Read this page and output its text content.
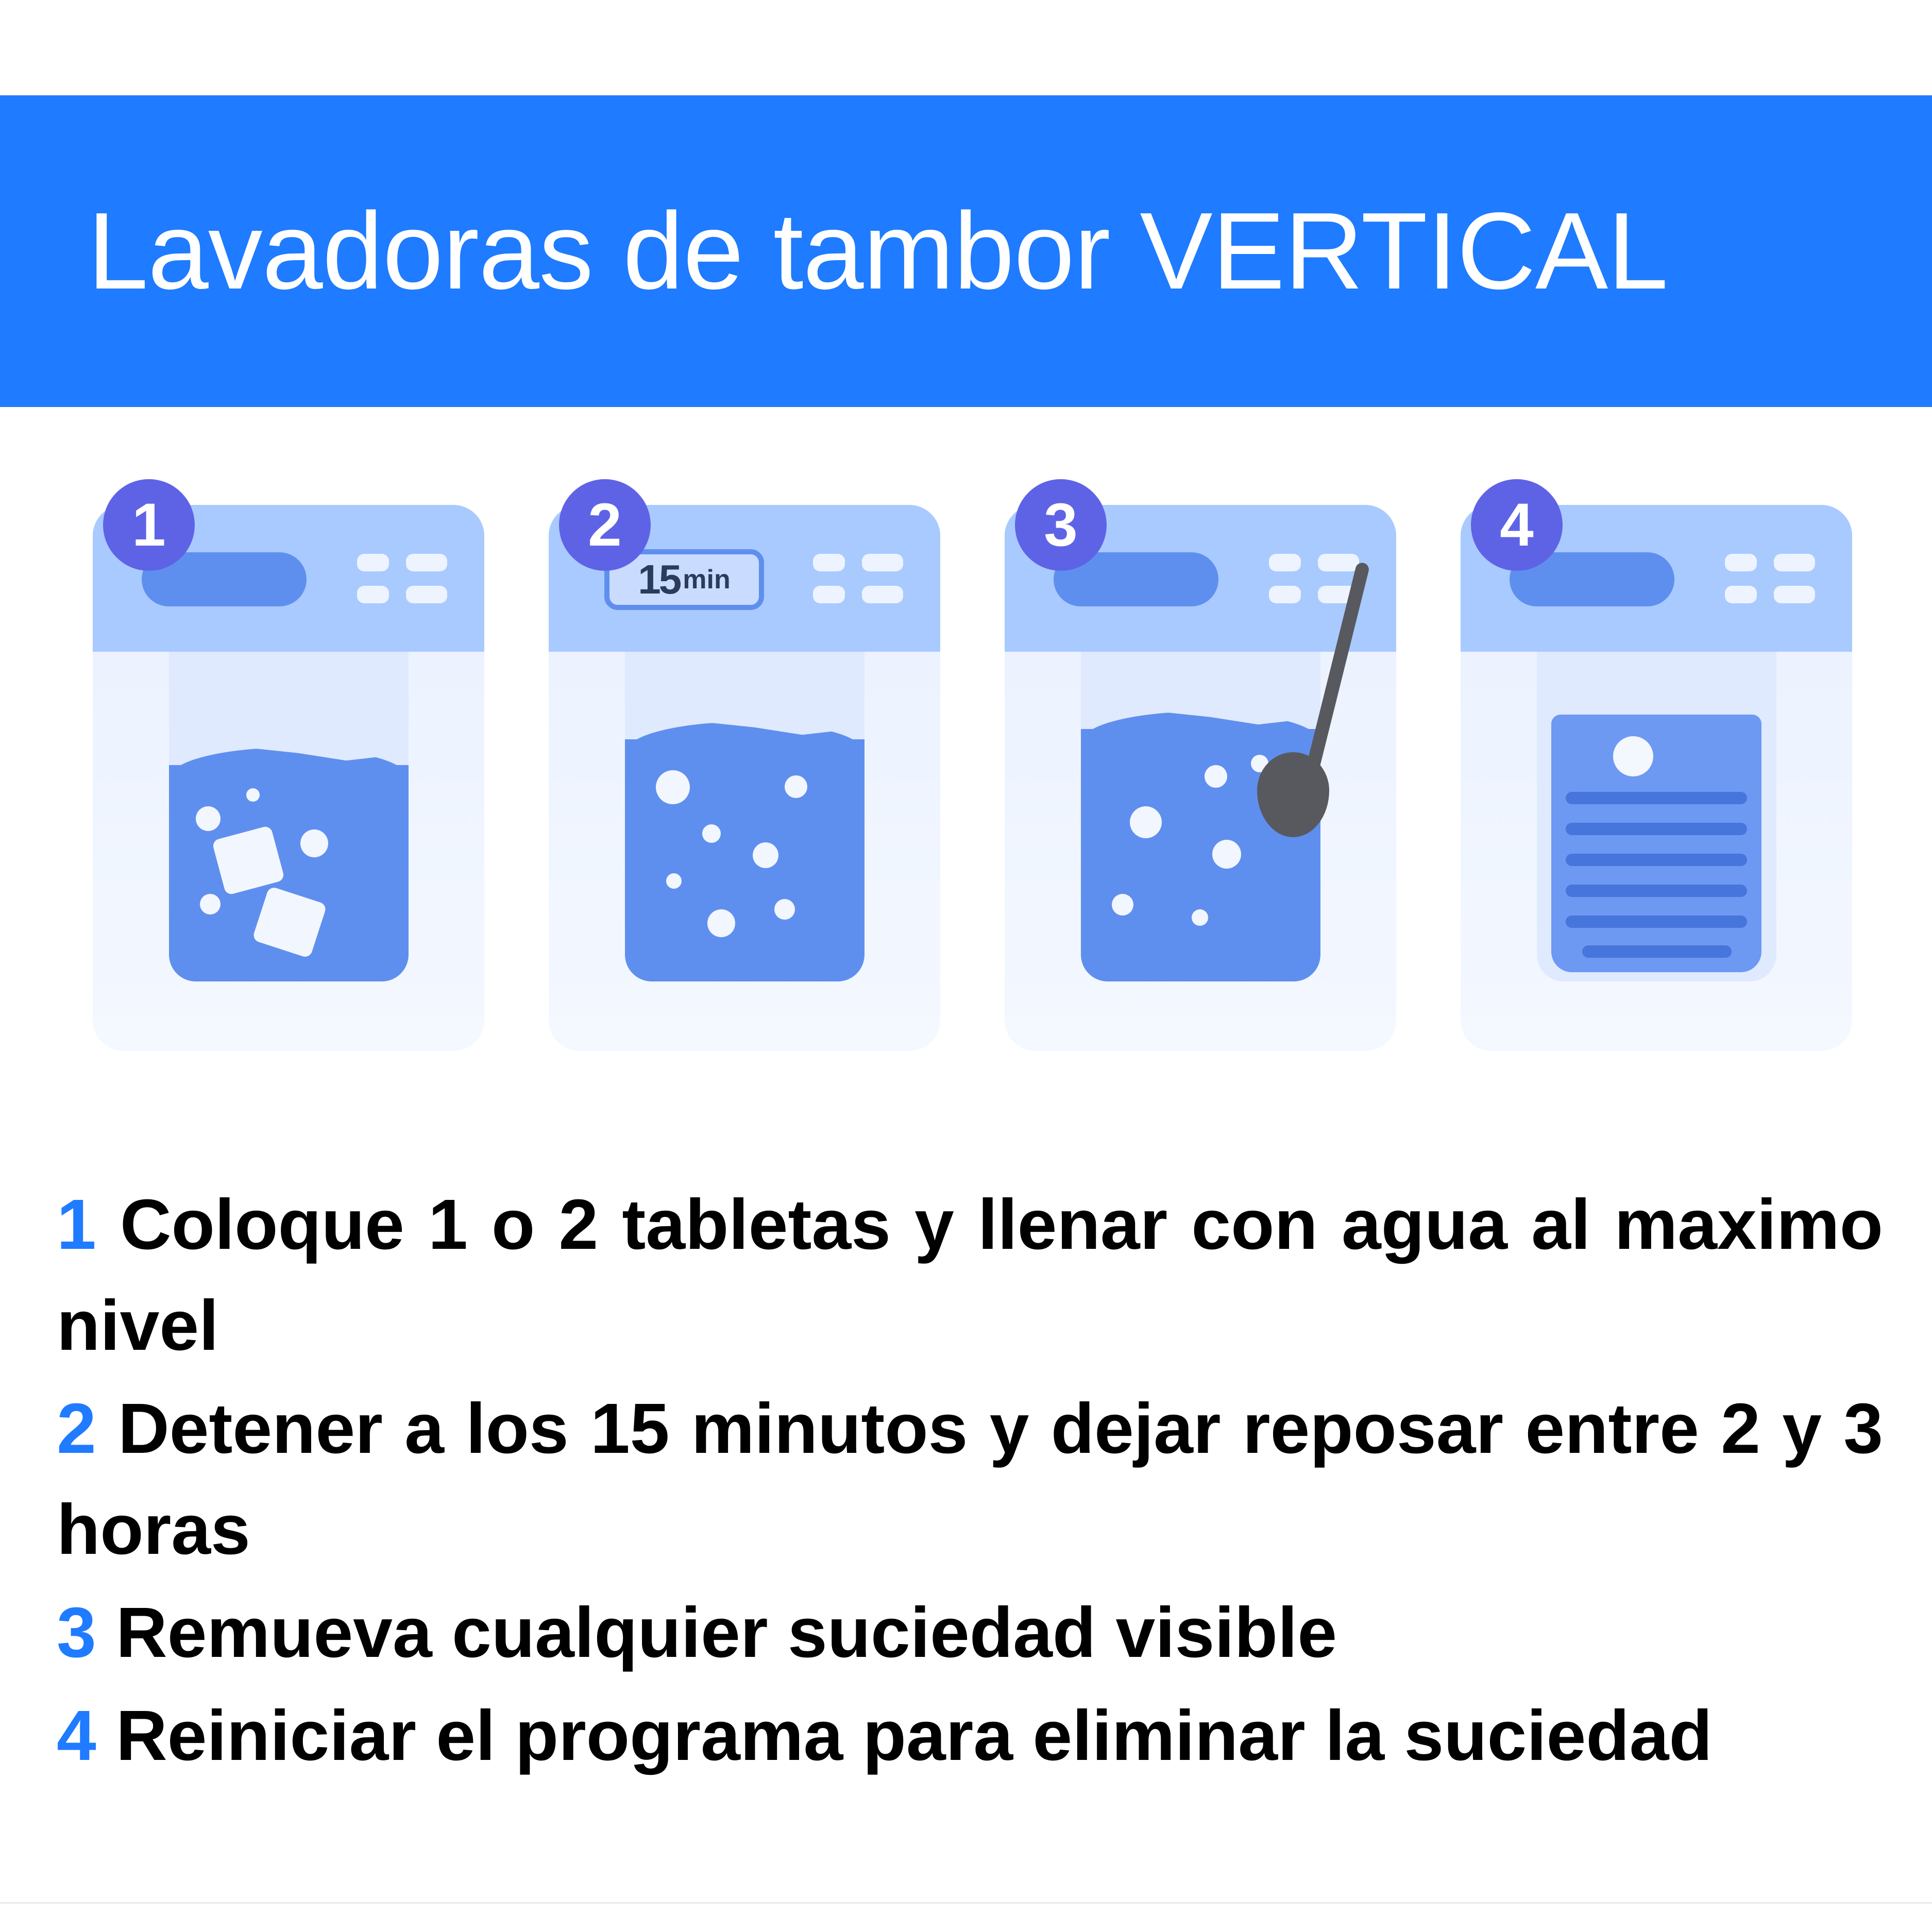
Lavadoras de tambor VERTICAL
1
15 min
2	3	4

1 Coloque 1 o 2 tabletas y llenar con agua al maximo nivel

2 Detener a los 15 minutos y dejar reposar entre 2 y 3 horas

3 Remueva cualquier suciedad visible

4 Reiniciar el programa para eliminar la suciedad
